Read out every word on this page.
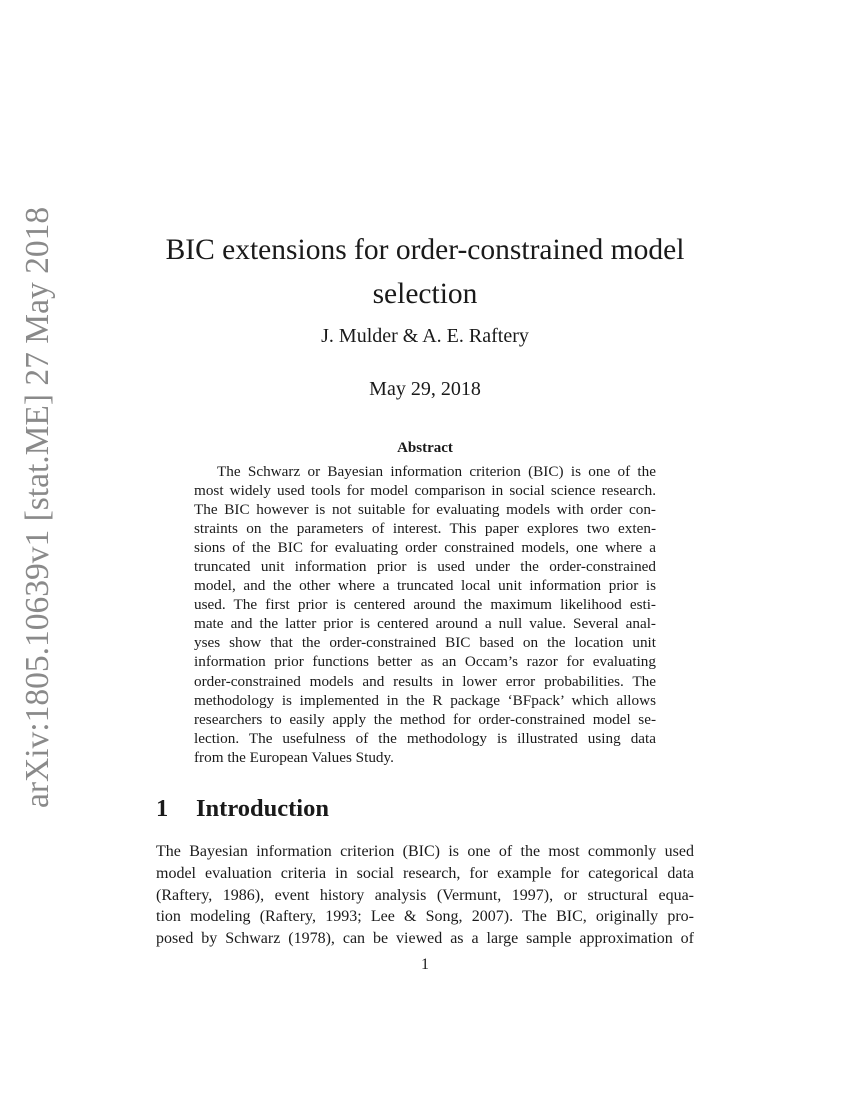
arXiv:1805.10639v1 [stat.ME] 27 May 2018	BIC extensions for order-constrained model
selection
J. Mulder & A. E. Raftery
May 29, 2018
Abstract
The Schwarz or Bayesian information criterion (BIC) is one of the
most widely used tools for model comparison in social science research.
The BIC however is not suitable for evaluating models with order con-
straints on the parameters of interest. This paper explores two exten-
sions of the BIC for evaluating order constrained models, one where a
truncated unit information prior is used under the order-constrained
model, and the other where a truncated local unit information prior is
used. The first prior is centered around the maximum likelihood esti-
mate and the latter prior is centered around a null value. Several anal-
yses show that the order-constrained BIC based on the location unit
information prior functions better as an Occam’s razor for evaluating
order-constrained models and results in lower error probabilities. The
methodology is implemented in the R package ‘BFpack’ which allows
researchers to easily apply the method for order-constrained model se-
lection. The usefulness of the methodology is illustrated using data
from the European Values Study.
1	Introduction
The Bayesian information criterion (BIC) is one of the most commonly used
model evaluation criteria in social research, for example for categorical data
(Raftery, 1986), event history analysis (Vermunt, 1997), or structural equa-
tion modeling (Raftery, 1993; Lee & Song, 2007). The BIC, originally pro-
posed by Schwarz (1978), can be viewed as a large sample approximation of
1
